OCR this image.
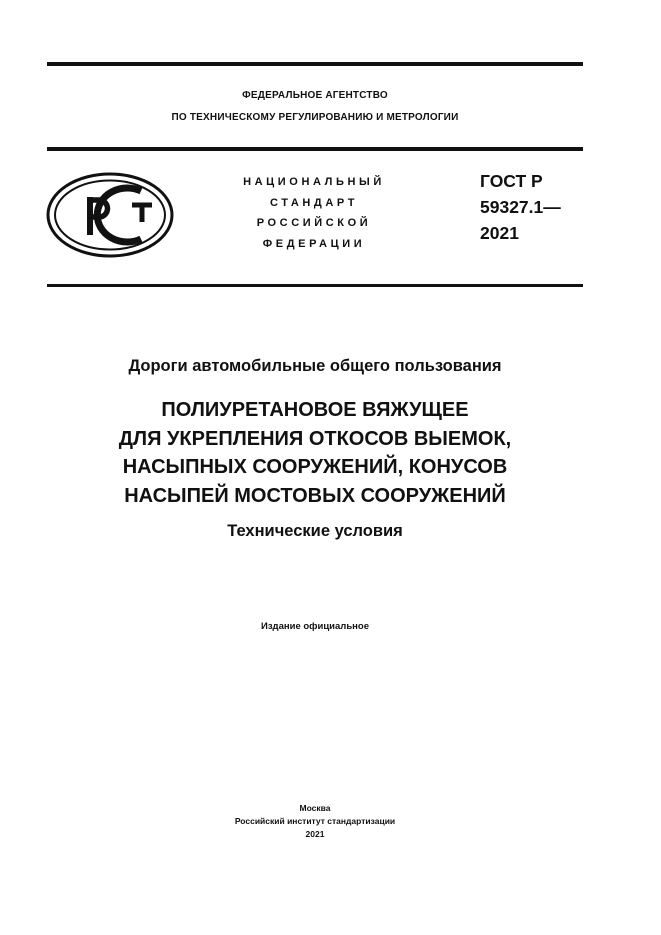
ФЕДЕРАЛЬНОЕ АГЕНТСТВО
ПО ТЕХНИЧЕСКОМУ РЕГУЛИРОВАНИЮ И МЕТРОЛОГИИ
НАЦИОНАЛЬНЫЙ
СТАНДАРТ
РОССИЙСКОЙ
ФЕДЕРАЦИИ
ГОСТ Р
59327.1—
2021
Дороги автомобильные общего пользования
ПОЛИУРЕТАНОВОЕ ВЯЖУЩЕЕ
ДЛЯ УКРЕПЛЕНИЯ ОТКОСОВ ВЫЕМОК,
НАСЫПНЫХ СООРУЖЕНИЙ, КОНУСОВ
НАСЫПЕЙ МОСТОВЫХ СООРУЖЕНИЙ
Технические условия
Издание официальное
Москва
Российский институт стандартизации
2021
